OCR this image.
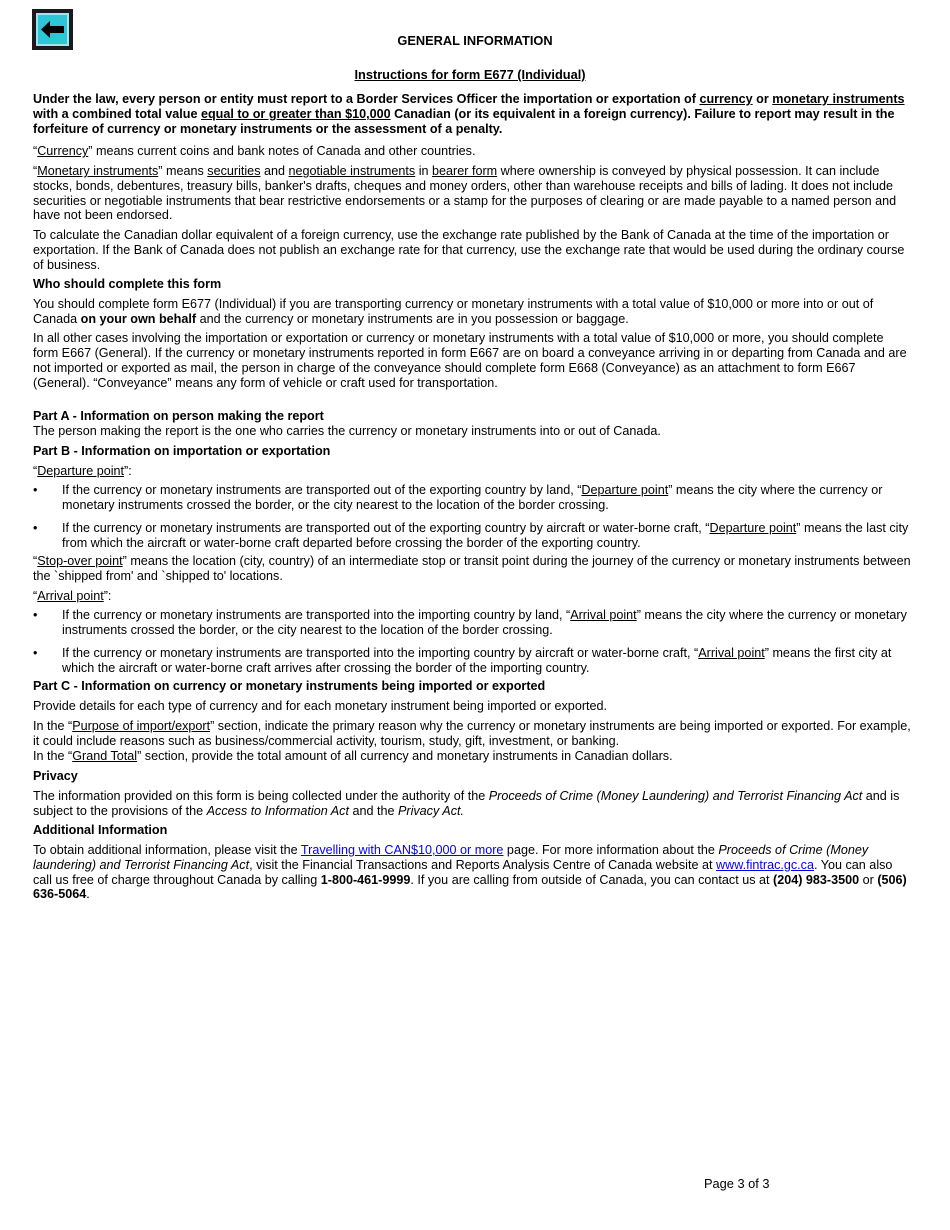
GENERAL INFORMATION
Instructions for form E677 (Individual)

Under the law, every person or entity must report to a Border Services Officer the importation or exportation of currency or monetary instruments with a combined total value equal to or greater than $10,000 Canadian (or its equivalent in a foreign currency). Failure to report may result in the forfeiture of currency or monetary instruments or the assessment of a penalty.

“Currency” means current coins and bank notes of Canada and other countries.

“Monetary instruments” means securities and negotiable instruments in bearer form where ownership is conveyed by physical possession. It can include stocks, bonds, debentures, treasury bills, banker's drafts, cheques and money orders, other than warehouse receipts and bills of lading. It does not include securities or negotiable instruments that bear restrictive endorsements or a stamp for the purposes of clearing or are made payable to a named person and have not been endorsed.

To calculate the Canadian dollar equivalent of a foreign currency, use the exchange rate published by the Bank of Canada at the time of the importation or exportation. If the Bank of Canada does not publish an exchange rate for that currency, use the exchange rate that would be used during the ordinary course of business.

Who should complete this form

You should complete form E677 (Individual) if you are transporting currency or monetary instruments with a total value of $10,000 or more into or out of Canada on your own behalf and the currency or monetary instruments are in you possession or baggage.

In all other cases involving the importation or exportation or currency or monetary instruments with a total value of $10,000 or more, you should complete form E667 (General). If the currency or monetary instruments reported in form E667 are on board a conveyance arriving in or departing from Canada and are not imported or exported as mail, the person in charge of the conveyance should complete form E668 (Conveyance) as an attachment to form E667 (General). “Conveyance” means any form of vehicle or craft used for transportation.

Part A - Information on person making the report

The person making the report is the one who carries the currency or monetary instruments into or out of Canada.

Part B - Information on importation or exportation

“Departure point”:

• If the currency or monetary instruments are transported out of the exporting country by land, “Departure point” means the city where the currency or monetary instruments crossed the border, or the city nearest to the location of the border crossing.
• If the currency or monetary instruments are transported out of the exporting country by aircraft or water-borne craft, “Departure point” means the last city from which the aircraft or water-borne craft departed before crossing the border of the exporting country.

“Stop-over point” means the location (city, country) of an intermediate stop or transit point during the journey of the currency or monetary instruments between the `shipped from' and `shipped to' locations.

“Arrival point”:

• If the currency or monetary instruments are transported into the importing country by land, “Arrival point” means the city where the currency or monetary instruments crossed the border, or the city nearest to the location of the border crossing.
• If the currency or monetary instruments are transported into the importing country by aircraft or water-borne craft, “Arrival point” means the first city at which the aircraft or water-borne craft arrives after crossing the border of the importing country.
Part C - Information on currency or monetary instruments being imported or exported

Provide details for each type of currency and for each monetary instrument being imported or exported.

In the “Purpose of import/export” section, indicate the primary reason why the currency or monetary instruments are being imported or exported. For example, it could include reasons such as business/commercial activity, tourism, study, gift, investment, or banking.

In the “Grand Total” section, provide the total amount of all currency and monetary instruments in Canadian dollars.

Privacy

The information provided on this form is being collected under the authority of the Proceeds of Crime (Money Laundering) and Terrorist Financing Act and is subject to the provisions of the Access to Information Act and the Privacy Act.

Additional Information

To obtain additional information, please visit the Travelling with CAN$10,000 or more page. For more information about the Proceeds of Crime (Money laundering) and Terrorist Financing Act, visit the Financial Transactions and Reports Analysis Centre of Canada website at www.fintrac.gc.ca. You can also call us free of charge throughout Canada by calling 1-800-461-9999. If you are calling from outside of Canada, you can contact us at (204) 983-3500 or (506) 636-5064.

Page 3 of 3
